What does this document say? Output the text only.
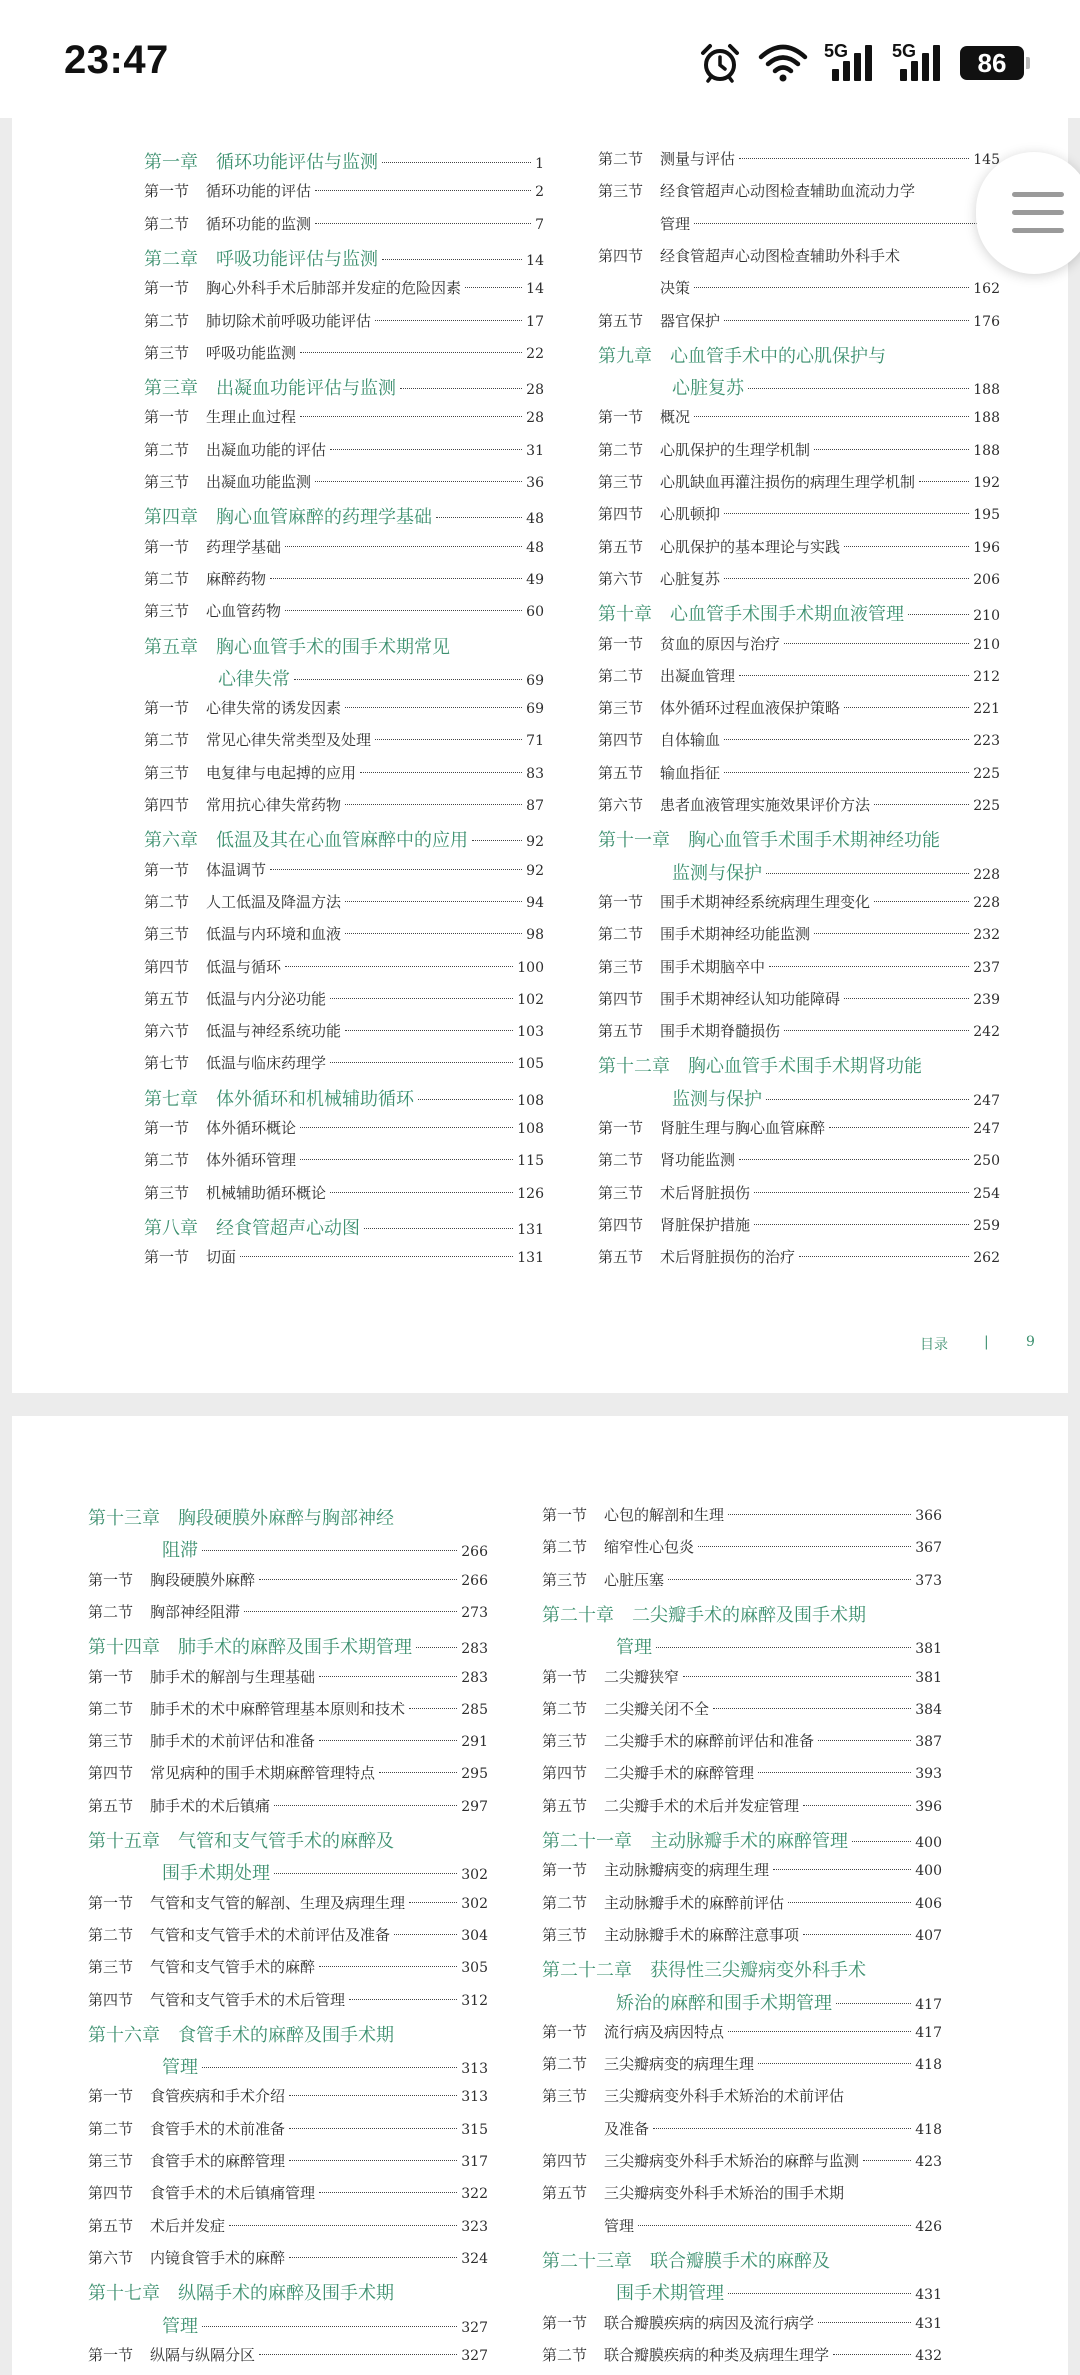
23:47	5G 5G 86
第一章 循环功能评估与监测	1
第一节	循环功能的评估	2
第二节	循环功能的监测	7
第二章 呼吸功能评估与监测	14
第一节	胸心外科手术后肺部并发症的危险因素	14
第二节	肺切除术前呼吸功能评估	17
第三节	呼吸功能监测	22
第三章 出凝血功能评估与监测	28
第一节	生理止血过程	28
第二节	出凝血功能的评估	31
第三节	出凝血功能监测	36
第四章 胸心血管麻醉的药理学基础	48
第一节	药理学基础	48
第二节	麻醉药物	49
第三节	心血管药物	60
第五章 胸心血管手术的围手术期常见
心律失常	69
第一节	心律失常的诱发因素	69
第二节	常见心律失常类型及处理	71
第三节	电复律与电起搏的应用	83
第四节	常用抗心律失常药物	87
第六章 低温及其在心血管麻醉中的应用	92
第一节	体温调节	92
第二节	人工低温及降温方法	94
第三节	低温与内环境和血液	98
第四节	低温与循环	100
第五节	低温与内分泌功能	102
第六节	低温与神经系统功能	103
第七节	低温与临床药理学	105
第七章 体外循环和机械辅助循环	108
第一节	体外循环概论	108
第二节	体外循环管理	115
第三节	机械辅助循环概论	126
第八章 经食管超声心动图	131
第一节	切面	131
第二节	测量与评估	145
第三节	经食管超声心动图检查辅助血流动力学
管理
第四节	经食管超声心动图检查辅助外科手术
决策	162
第五节	器官保护	176
第九章 心血管手术中的心肌保护与
心脏复苏	188
第一节	概况	188
第二节	心肌保护的生理学机制	188
第三节	心肌缺血再灌注损伤的病理生理学机制	192
第四节	心肌顿抑	195
第五节	心肌保护的基本理论与实践	196
第六节	心脏复苏	206
第十章 心血管手术围手术期血液管理	210
第一节	贫血的原因与治疗	210
第二节	出凝血管理	212
第三节	体外循环过程血液保护策略	221
第四节	自体输血	223
第五节	输血指征	225
第六节	患者血液管理实施效果评价方法	225
第十一章 胸心血管手术围手术期神经功能
监测与保护	228
第一节	围手术期神经系统病理生理变化	228
第二节	围手术期神经功能监测	232
第三节	围手术期脑卒中	237
第四节	围手术期神经认知功能障碍	239
第五节	围手术期脊髓损伤	242
第十二章 胸心血管手术围手术期肾功能
监测与保护	247
第一节	肾脏生理与胸心血管麻醉	247
第二节	肾功能监测	250
第三节	术后肾脏损伤	254
第四节	肾脏保护措施	259
第五节	术后肾脏损伤的治疗	262
目录	|	9
第十三章 胸段硬膜外麻醉与胸部神经
阻滞	266
第一节	胸段硬膜外麻醉	266
第二节	胸部神经阻滞	273
第十四章 肺手术的麻醉及围手术期管理	283
第一节	肺手术的解剖与生理基础	283
第二节	肺手术的术中麻醉管理基本原则和技术	285
第三节	肺手术的术前评估和准备	291
第四节	常见病种的围手术期麻醉管理特点	295
第五节	肺手术的术后镇痛	297
第十五章 气管和支气管手术的麻醉及
围手术期处理	302
第一节	气管和支气管的解剖、生理及病理生理	302
第二节	气管和支气管手术的术前评估及准备	304
第三节	气管和支气管手术的麻醉	305
第四节	气管和支气管手术的术后管理	312
第十六章 食管手术的麻醉及围手术期
管理	313
第一节	食管疾病和手术介绍	313
第二节	食管手术的术前准备	315
第三节	食管手术的麻醉管理	317
第四节	食管手术的术后镇痛管理	322
第五节	术后并发症	323
第六节	内镜食管手术的麻醉	324
第十七章 纵隔手术的麻醉及围手术期
管理	327
第一节	纵隔与纵隔分区	327
第一节	心包的解剖和生理	366
第二节	缩窄性心包炎	367
第三节	心脏压塞	373
第二十章 二尖瓣手术的麻醉及围手术期
管理	381
第一节	二尖瓣狭窄	381
第二节	二尖瓣关闭不全	384
第三节	二尖瓣手术的麻醉前评估和准备	387
第四节	二尖瓣手术的麻醉管理	393
第五节	二尖瓣手术的术后并发症管理	396
第二十一章 主动脉瓣手术的麻醉管理	400
第一节	主动脉瓣病变的病理生理	400
第二节	主动脉瓣手术的麻醉前评估	406
第三节	主动脉瓣手术的麻醉注意事项	407
第二十二章 获得性三尖瓣病变外科手术
矫治的麻醉和围手术期管理	417
第一节	流行病及病因特点	417
第二节	三尖瓣病变的病理生理	418
第三节	三尖瓣病变外科手术矫治的术前评估
及准备	418
第四节	三尖瓣病变外科手术矫治的麻醉与监测	423
第五节	三尖瓣病变外科手术矫治的围手术期
管理	426
第二十三章 联合瓣膜手术的麻醉及
围手术期管理	431
第一节	联合瓣膜疾病的病因及流行病学	431
第二节	联合瓣膜疾病的种类及病理生理学	432
